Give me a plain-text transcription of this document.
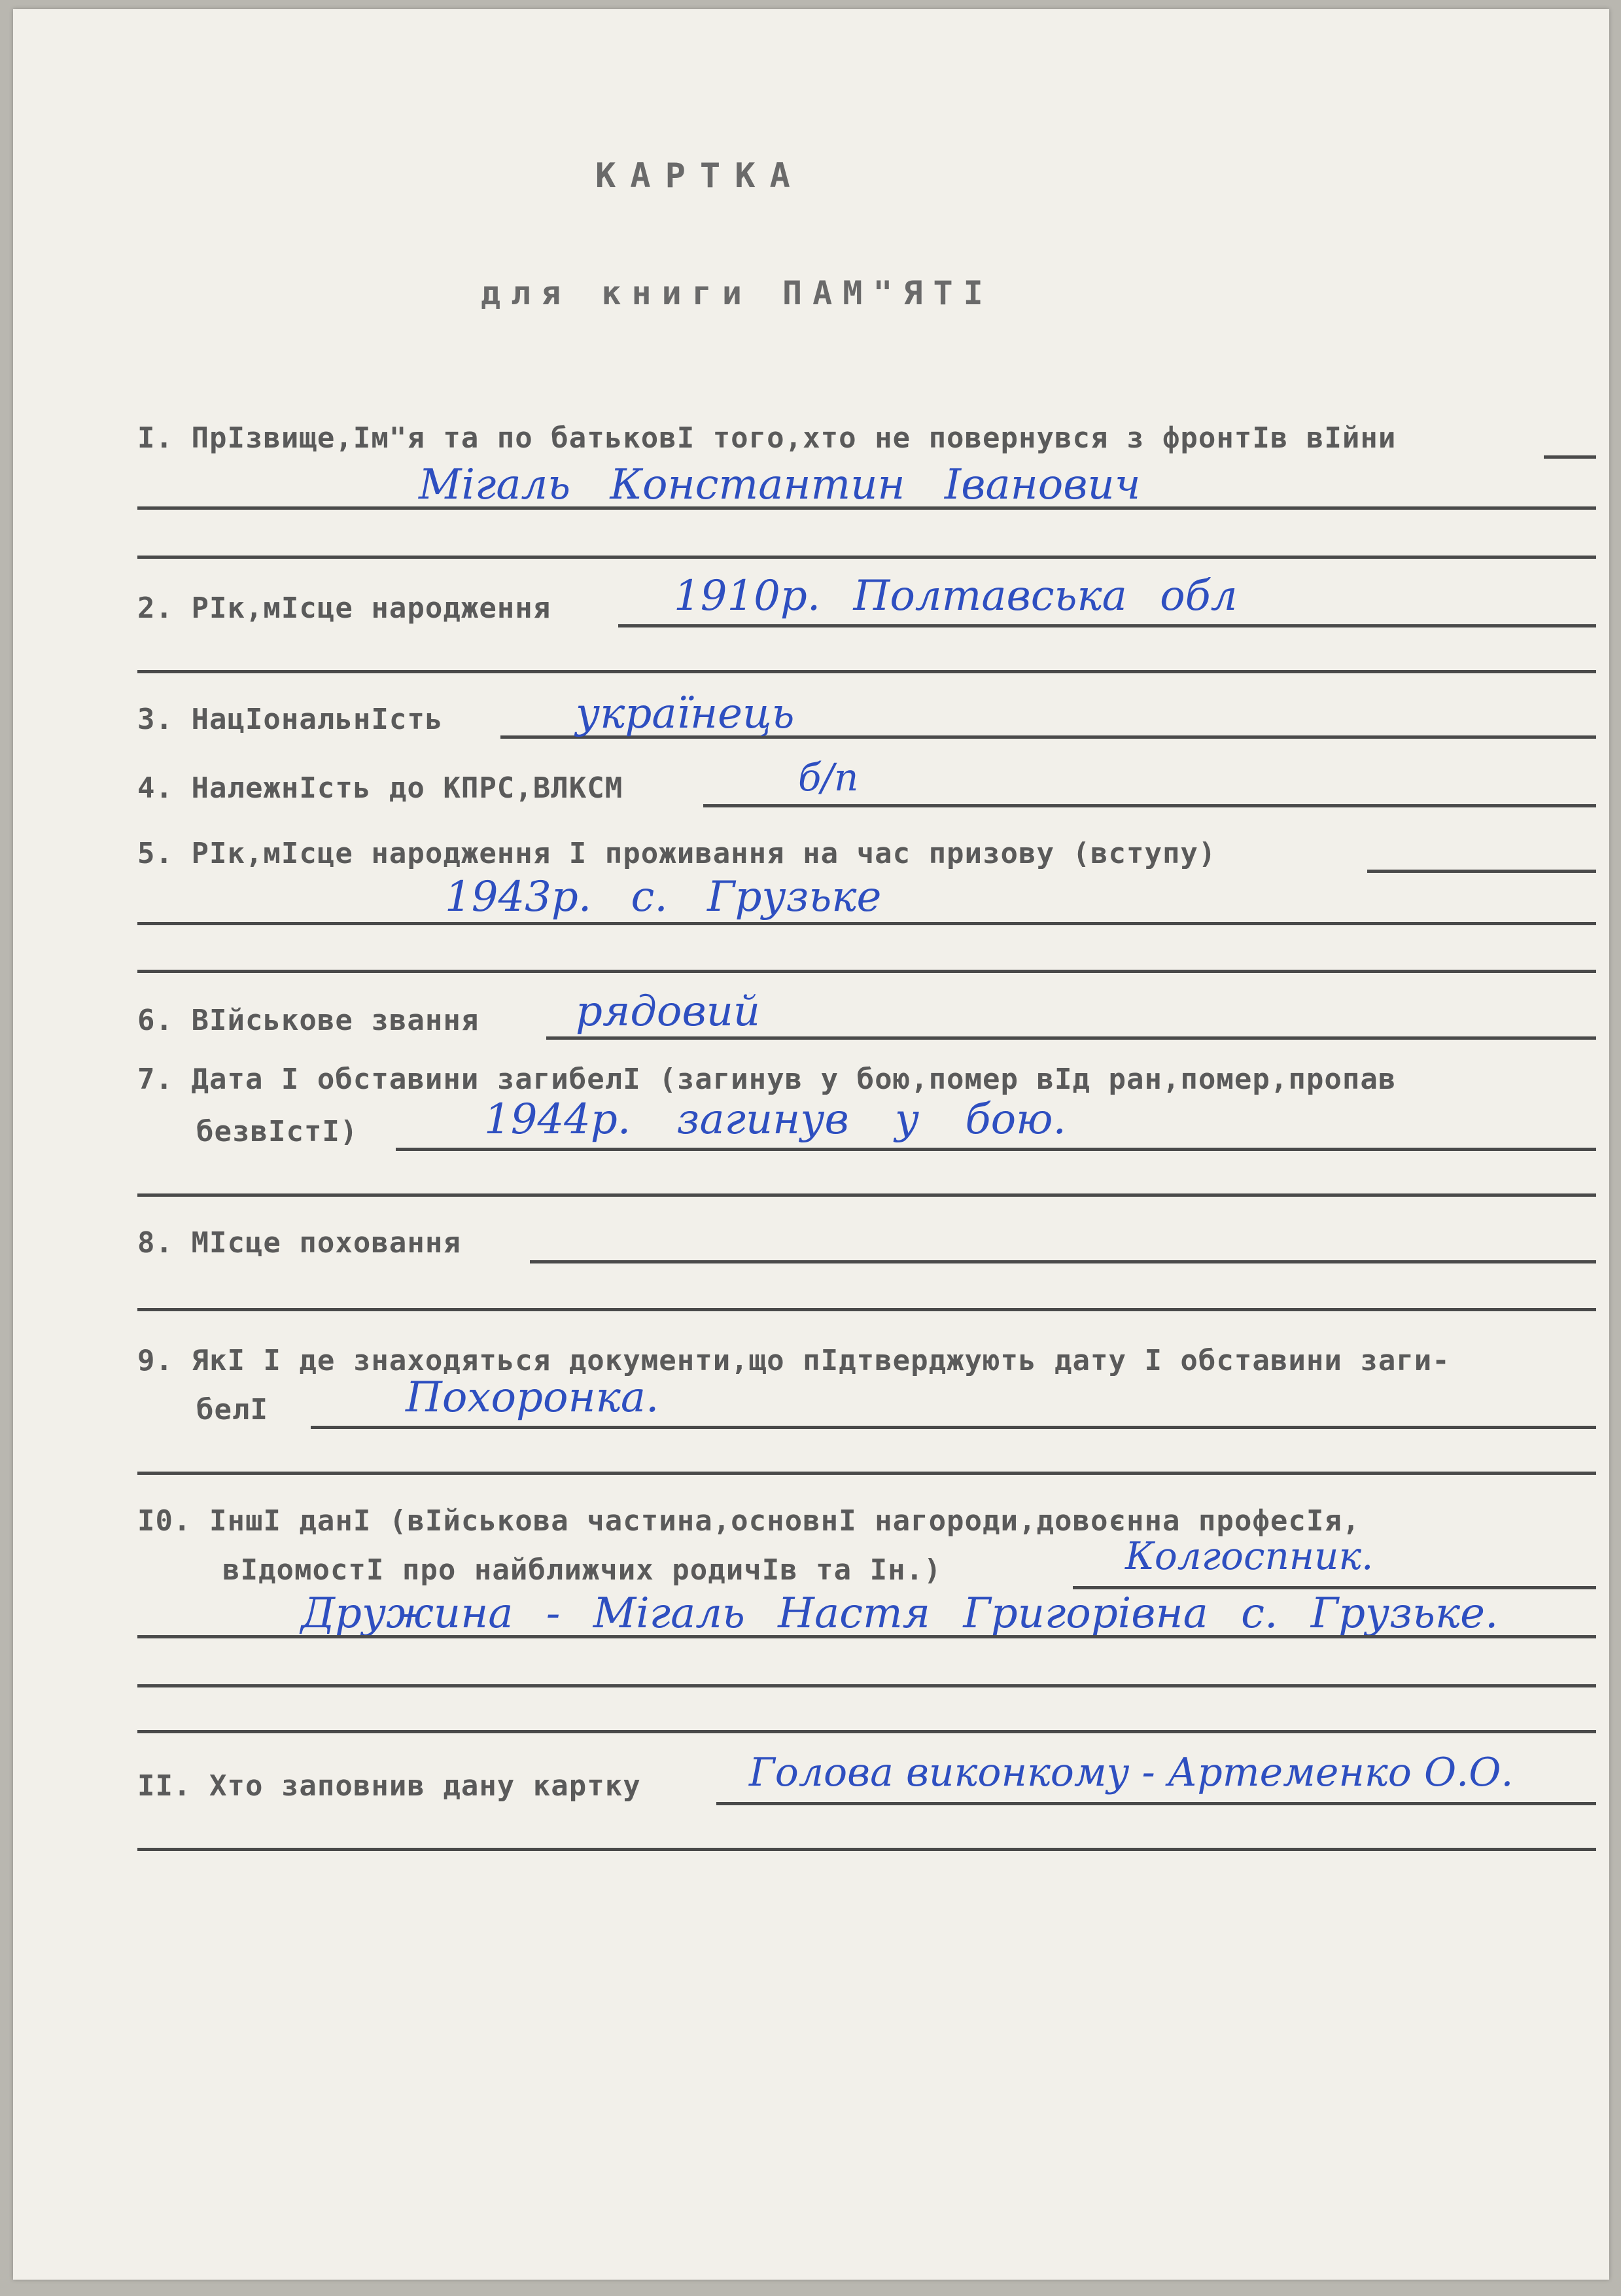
КАРТКА
для книги ПАМ"ЯТІ
І. ПрІзвище,Ім"я та по батьковІ того,хто не повернувся з фронтІв вІйни
Мігаль Константин Іванович
2. РІк,мІсце народження	1910р. Полтавська обл
3. НацІональнІсть	українець
4. НалежнІсть до КПРС,ВЛКСМ	б/п
5. РІк,мІсце народження І проживання на час призову (вступу)
1943р. с. Грузьке
6. ВІйськове звання рядовий
7. Дата І обставини загибелІ (загинув у бою,помер вІд ран,помер,пропав
безвІстІ)	1944р. загинув у бою.
8. МІсце поховання
9. ЯкІ І де знаходяться документи,що пІдтверджують дату І обставини заги-
белІ	Похоронка.
I0. ІншІ данІ (вІйськова частина,основнІ нагороди,довоєнна професІя,
вІдомостІ про найближчих родичІв та Ін.)	Колгоспник.
Дружина - Мігаль Настя Григорівна с. Грузьке.
II. Хто заповнив дану картку	Голова виконкому - Артеменко О.О.
